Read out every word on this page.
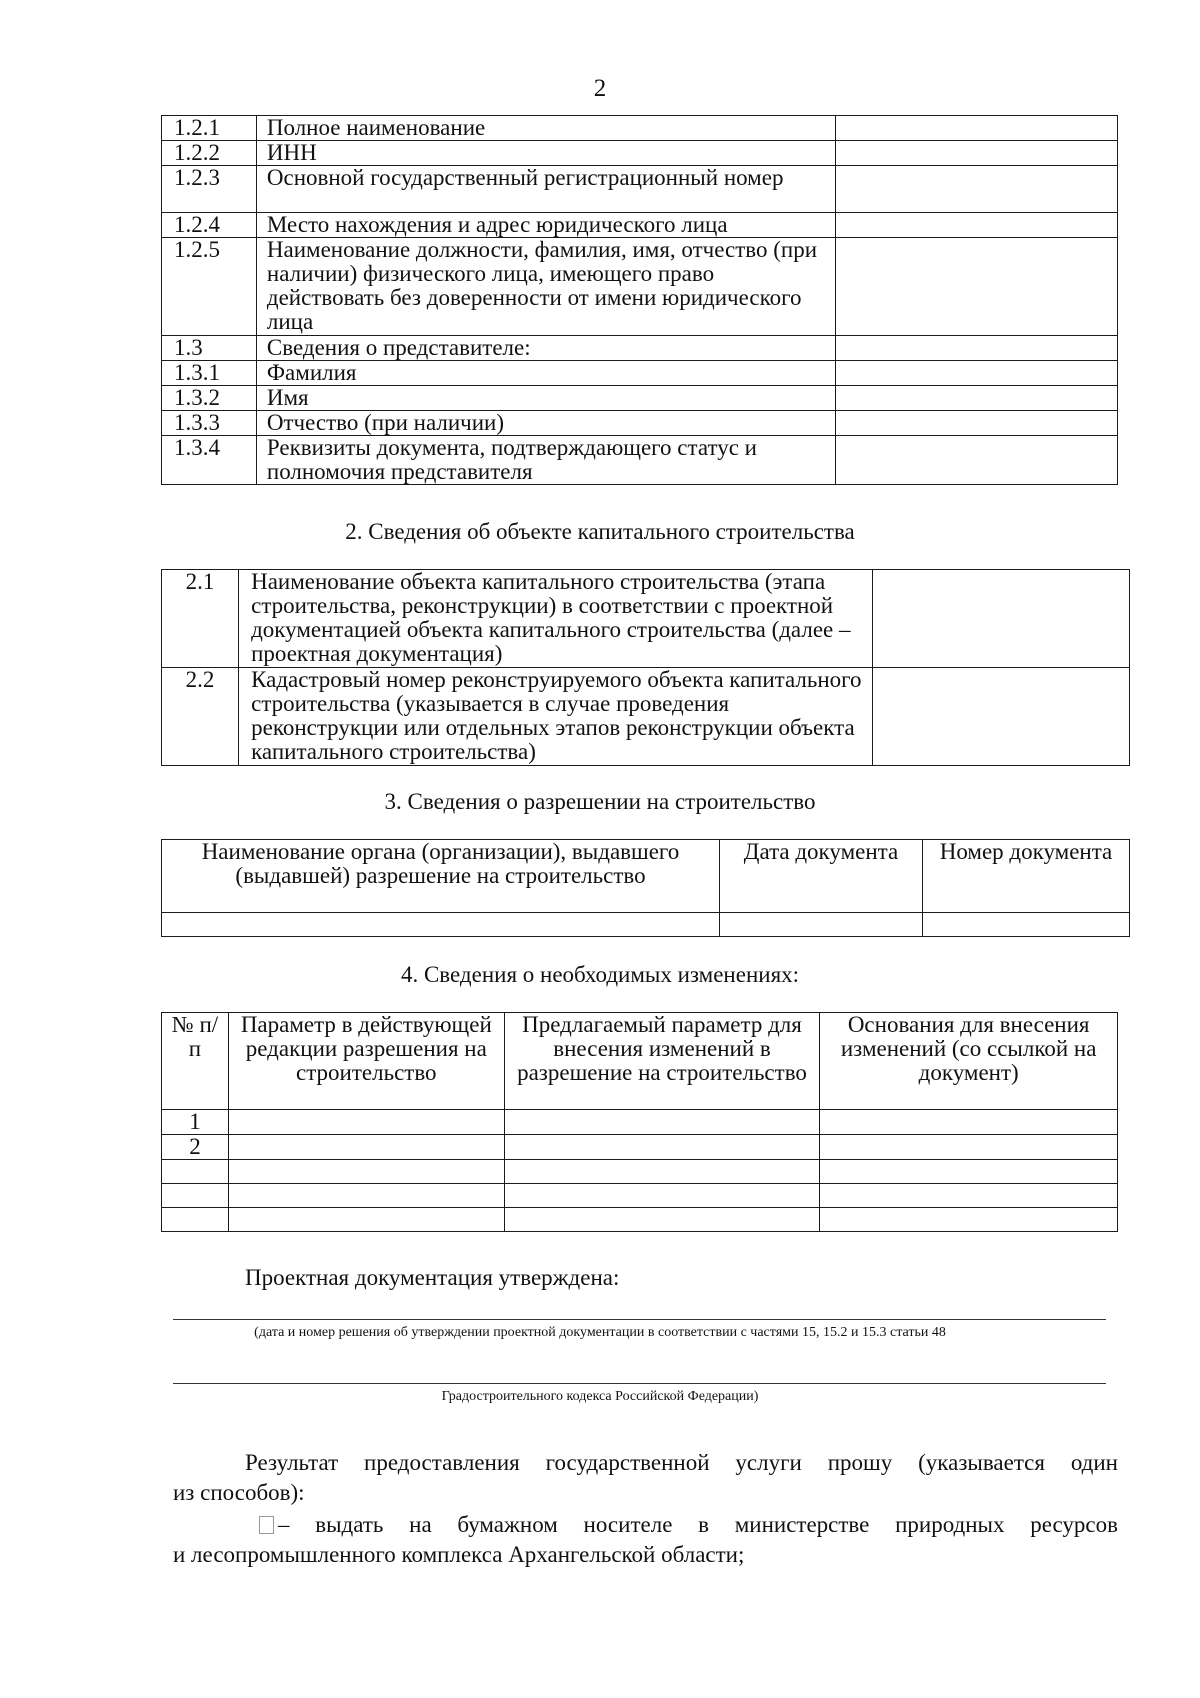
2
1.2.1	Полное наименование	
1.2.2	ИНН	
1.2.3	Основной государственный регистрационный номер	
1.2.4	Место нахождения и адрес юридического лица	
1.2.5	Наименование должности, фамилия, имя, отчество (при наличии) физического лица, имеющего право действовать без доверенности от имени юридического лица	
1.3	Сведения о представителе:	
1.3.1	Фамилия	
1.3.2	Имя	
1.3.3	Отчество (при наличии)	
1.3.4	Реквизиты документа, подтверждающего статус и полномочия представителя	
2. Сведения об объекте капитального строительства
2.1	Наименование объекта капитального строительства (этапа строительства, реконструкции) в соответствии с проектной документацией объекта капитального строительства (далее – проектная документация)	
2.2	Кадастровый номер реконструируемого объекта капитального строительства (указывается в случае проведения реконструкции или отдельных этапов реконструкции объекта капитального строительства)	
3. Сведения о разрешении на строительство
Наименование органа (организации), выдавшего (выдавшей) разрешение на строительство	Дата документа	Номер документа

4. Сведения о необходимых изменениях:
№ п/п	Параметр в действующей редакции разрешения на строительство	Предлагаемый параметр для внесения изменений в разрешение на строительство	Основания для внесения изменений (со ссылкой на документ)
1			
2			

Проектная документация утверждена:
(дата и номер решения об утверждении проектной документации в соответствии с частями 15, 15.2 и 15.3 статьи 48
Градостроительного кодекса Российской Федерации)
Результат предоставления государственной услуги прошу (указывается один
из способов):
– выдать на бумажном носителе в министерстве природных ресурсов
и лесопромышленного комплекса Архангельской области;
